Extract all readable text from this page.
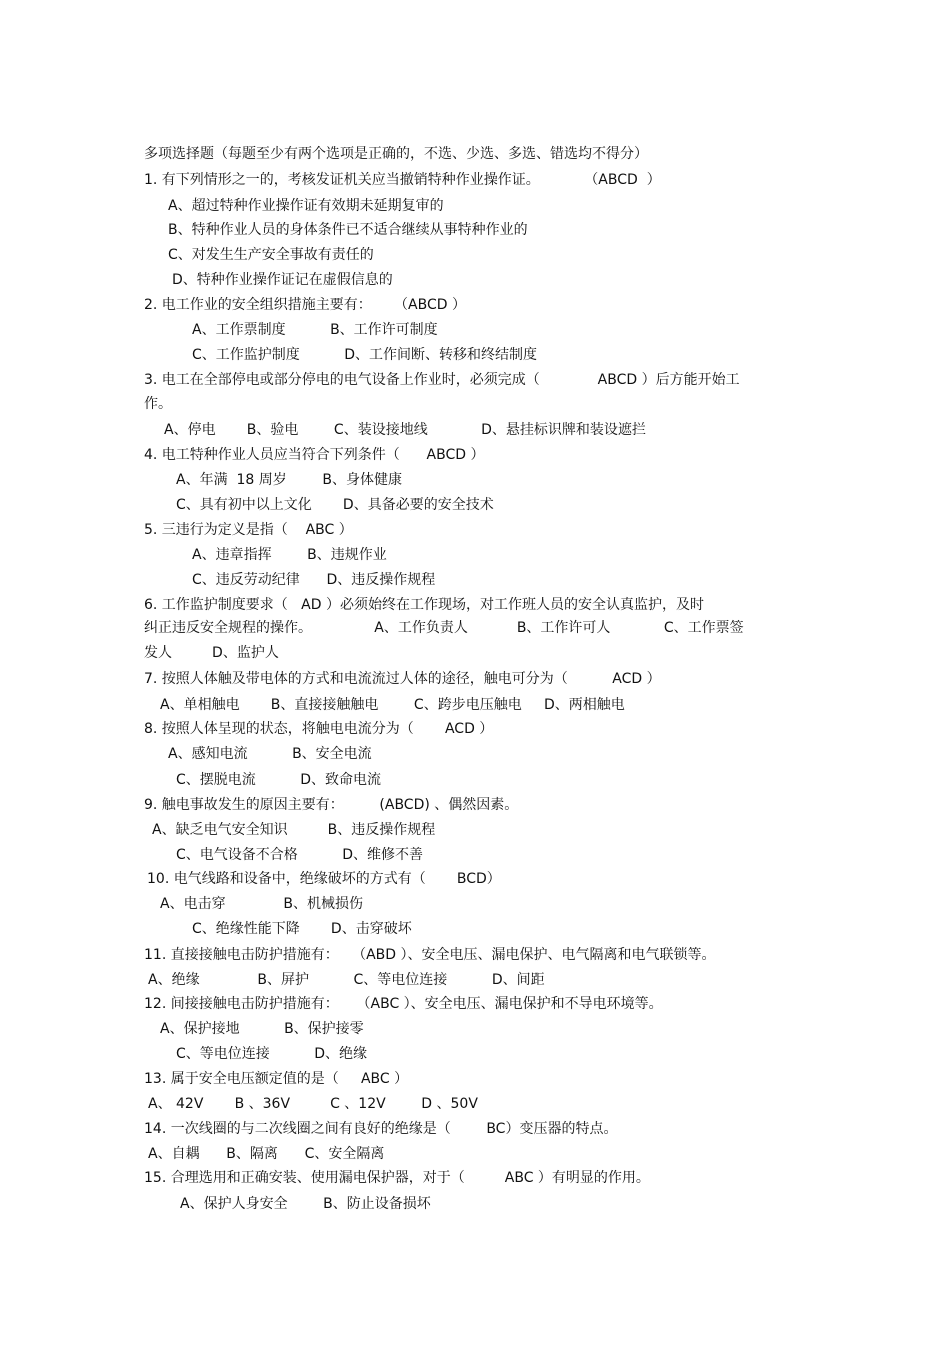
多项选择题（每题至少有两个选项是正确的，不选、少选、多选、错选均不得分）
1. 有下列情形之一的，考核发证机关应当撤销特种作业操作证。          （ABCD  ）
A、超过特种作业操作证有效期未延期复审的
B、特种作业人员的身体条件已不适合继续从事特种作业的
C、对发生生产安全事故有责任的
D、特种作业操作证记在虚假信息的
2. 电工作业的安全组织措施主要有：     （ABCD ）
A、工作票制度          B、工作许可制度
C、工作监护制度          D、工作间断、转移和终结制度
3. 电工在全部停电或部分停电的电气设备上作业时，必须完成（             ABCD ）后方能开始工
作。
A、停电       B、验电        C、装设接地线            D、悬挂标识牌和装设遮拦
4. 电工特种作业人员应当符合下列条件（      ABCD ）
A、年满  18 周岁        B、身体健康
C、具有初中以上文化       D、具备必要的安全技术
5. 三违行为定义是指（    ABC ）
A、违章指挥        B、违规作业
C、违反劳动纪律      D、违反操作规程
6. 工作监护制度要求（   AD ）必须始终在工作现场，对工作班人员的安全认真监护，及时
纠正违反安全规程的操作。              A、工作负责人           B、工作许可人            C、工作票签
发人         D、监护人
7. 按照人体触及带电体的方式和电流流过人体的途径，触电可分为（          ACD ）
A、单相触电       B、直接接触触电        C、跨步电压触电     D、两相触电
8. 按照人体呈现的状态，将触电电流分为（       ACD ）
A、感知电流          B、安全电流
C、摆脱电流          D、致命电流
9. 触电事故发生的原因主要有：        (ABCD) 、偶然因素。
A、缺乏电气安全知识         B、违反操作规程
C、电气设备不合格          D、维修不善
10. 电气线路和设备中，绝缘破坏的方式有（       BCD）
A、电击穿             B、机械损伤
C、绝缘性能下降       D、击穿破坏
11. 直接接触电击防护措施有：   （ABD ）、安全电压、漏电保护、电气隔离和电气联锁等。
A、绝缘             B、屏护          C、等电位连接          D、间距
12. 间接接触电击防护措施有：    （ABC ）、安全电压、漏电保护和不导电环境等。
A、保护接地          B、保护接零
C、等电位连接          D、绝缘
13. 属于安全电压额定值的是（     ABC ）
A、 42V       B 、36V         C 、12V        D 、50V
14. 一次线圈的与二次线圈之间有良好的绝缘是（        BC）变压器的特点。
A、自耦      B、隔离      C、安全隔离
15. 合理选用和正确安装、使用漏电保护器，对于（         ABC ）有明显的作用。
A、保护人身安全        B、防止设备损坏
